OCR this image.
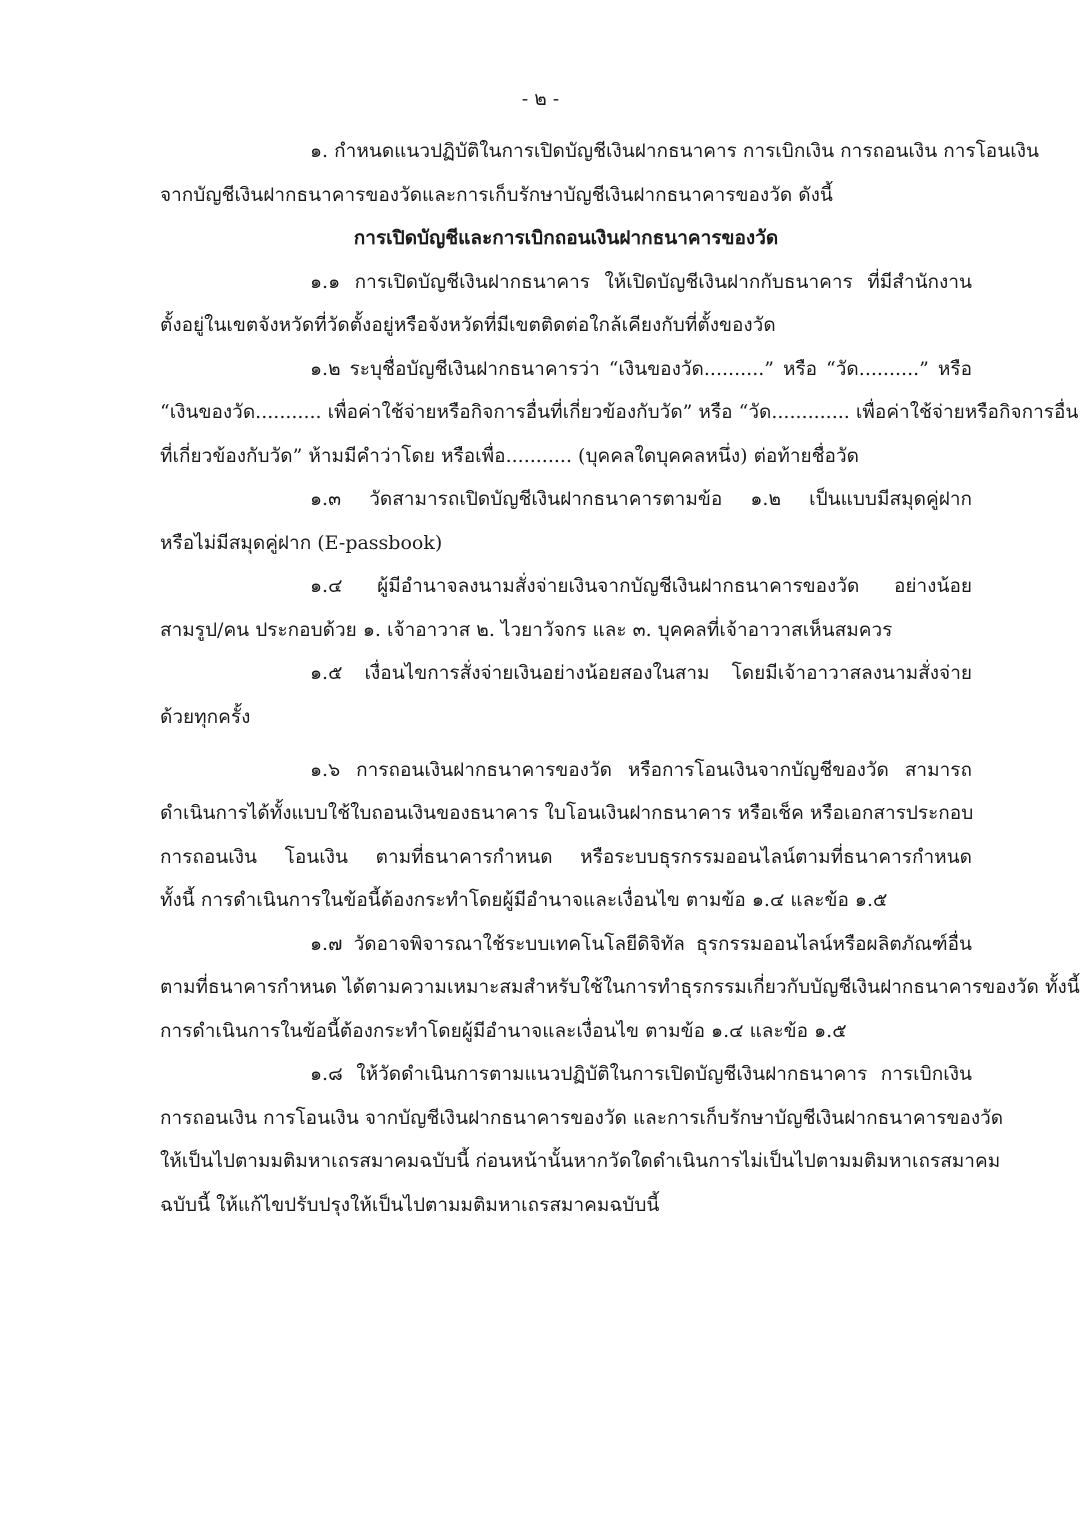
- ๒ -
๑. กำหนดแนวปฏิบัติในการเปิดบัญชีเงินฝากธนาคาร การเบิกเงิน การถอนเงิน การโอนเงิน
จากบัญชีเงินฝากธนาคารของวัดและการเก็บรักษาบัญชีเงินฝากธนาคารของวัด ดังนี้
การเปิดบัญชีและการเบิกถอนเงินฝากธนาคารของวัด
๑.๑ การเปิดบัญชีเงินฝากธนาคาร ให้เปิดบัญชีเงินฝากกับธนาคาร ที่มีสำนักงาน
ตั้งอยู่ในเขตจังหวัดที่วัดตั้งอยู่หรือจังหวัดที่มีเขตติดต่อใกล้เคียงกับที่ตั้งของวัด
๑.๒ ระบุชื่อบัญชีเงินฝากธนาคารว่า “เงินของวัด..........” หรือ “วัด..........” หรือ
“เงินของวัด........... เพื่อค่าใช้จ่ายหรือกิจการอื่นที่เกี่ยวข้องกับวัด” หรือ “วัด............. เพื่อค่าใช้จ่ายหรือกิจการอื่น
ที่เกี่ยวข้องกับวัด” ห้ามมีคำว่าโดย หรือเพื่อ........... (บุคคลใดบุคคลหนึ่ง) ต่อท้ายชื่อวัด
๑.๓ วัดสามารถเปิดบัญชีเงินฝากธนาคารตามข้อ ๑.๒ เป็นแบบมีสมุดคู่ฝาก
หรือไม่มีสมุดคู่ฝาก (E-passbook)
๑.๔ ผู้มีอำนาจลงนามสั่งจ่ายเงินจากบัญชีเงินฝากธนาคารของวัด อย่างน้อย
สามรูป/คน ประกอบด้วย ๑. เจ้าอาวาส ๒. ไวยาวัจกร และ ๓. บุคคลที่เจ้าอาวาสเห็นสมควร
๑.๕ เงื่อนไขการสั่งจ่ายเงินอย่างน้อยสองในสาม โดยมีเจ้าอาวาสลงนามสั่งจ่าย
ด้วยทุกครั้ง
๑.๖ การถอนเงินฝากธนาคารของวัด หรือการโอนเงินจากบัญชีของวัด สามารถ
ดำเนินการได้ทั้งแบบใช้ใบถอนเงินของธนาคาร ใบโอนเงินฝากธนาคาร หรือเช็ค หรือเอกสารประกอบ
การถอนเงิน โอนเงิน ตามที่ธนาคารกำหนด หรือระบบธุรกรรมออนไลน์ตามที่ธนาคารกำหนด
ทั้งนี้ การดำเนินการในข้อนี้ต้องกระทำโดยผู้มีอำนาจและเงื่อนไข ตามข้อ ๑.๔ และข้อ ๑.๕
๑.๗ วัดอาจพิจารณาใช้ระบบเทคโนโลยีดิจิทัล ธุรกรรมออนไลน์หรือผลิตภัณฑ์อื่น
ตามที่ธนาคารกำหนด ได้ตามความเหมาะสมสำหรับใช้ในการทำธุรกรรมเกี่ยวกับบัญชีเงินฝากธนาคารของวัด ทั้งนี้
การดำเนินการในข้อนี้ต้องกระทำโดยผู้มีอำนาจและเงื่อนไข ตามข้อ ๑.๔ และข้อ ๑.๕
๑.๘ ให้วัดดำเนินการตามแนวปฏิบัติในการเปิดบัญชีเงินฝากธนาคาร การเบิกเงิน
การถอนเงิน การโอนเงิน จากบัญชีเงินฝากธนาคารของวัด และการเก็บรักษาบัญชีเงินฝากธนาคารของวัด
ให้เป็นไปตามมติมหาเถรสมาคมฉบับนี้ ก่อนหน้านั้นหากวัดใดดำเนินการไม่เป็นไปตามมติมหาเถรสมาคม
ฉบับนี้ ให้แก้ไขปรับปรุงให้เป็นไปตามมติมหาเถรสมาคมฉบับนี้
